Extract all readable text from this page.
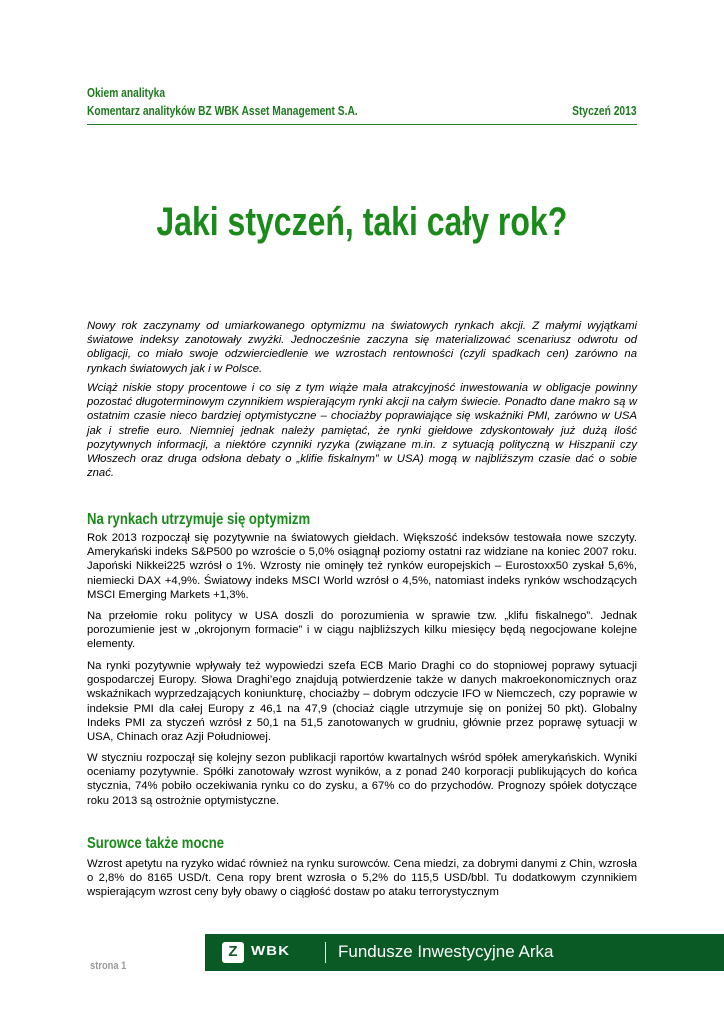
Okiem analityka
Komentarz analityków BZ WBK Asset Management S.A.	Styczeń 2013
Jaki styczeń, taki cały rok?
Nowy rok zaczynamy od umiarkowanego optymizmu na światowych rynkach akcji. Z małymi wyjątkami światowe indeksy zanotowały zwyżki. Jednocześnie zaczyna się materializować scenariusz odwrotu od obligacji, co miało swoje odzwierciedlenie we wzrostach rentowności (czyli spadkach cen) zarówno na rynkach światowych jak i w Polsce.
Wciąż niskie stopy procentowe i co się z tym wiąże mała atrakcyjność inwestowania w obligacje powinny pozostać długoterminowym czynnikiem wspierającym rynki akcji na całym świecie. Ponadto dane makro są w ostatnim czasie nieco bardziej optymistyczne – chociażby poprawiające się wskaźniki PMI, zarówno w USA jak i strefie euro. Niemniej jednak należy pamiętać, że rynki giełdowe zdyskontowały już dużą ilość pozytywnych informacji, a niektóre czynniki ryzyka (związane m.in. z sytuacją polityczną w Hiszpanii czy Włoszech oraz druga odsłona debaty o „klifie fiskalnym” w USA) mogą w najbliższym czasie dać o sobie znać.
Na rynkach utrzymuje się optymizm
Rok 2013 rozpoczął się pozytywnie na światowych giełdach. Większość indeksów testowała nowe szczyty. Amerykański indeks S&P500 po wzroście o 5,0% osiągnął poziomy ostatni raz widziane na koniec 2007 roku. Japoński Nikkei225 wzrósł o 1%. Wzrosty nie ominęły też rynków europejskich – Eurostoxx50 zyskał 5,6%, niemiecki DAX +4,9%. Światowy indeks MSCI World wzrósł o 4,5%, natomiast indeks rynków wschodzących MSCI Emerging Markets +1,3%.
Na przełomie roku politycy w USA doszli do porozumienia w sprawie tzw. „klifu fiskalnego”. Jednak porozumienie jest w „okrojonym formacie” i w ciągu najbliższych kilku miesięcy będą negocjowane kolejne elementy.
Na rynki pozytywnie wpływały też wypowiedzi szefa ECB Mario Draghi co do stopniowej poprawy sytuacji gospodarczej Europy. Słowa Draghi’ego znajdują potwierdzenie także w danych makroekonomicznych oraz wskaźnikach wyprzedzających koniunkturę, chociażby – dobrym odczycie IFO w Niemczech, czy poprawie w indeksie PMI dla całej Europy z 46,1 na 47,9 (chociaż ciągle utrzymuje się on poniżej 50 pkt). Globalny Indeks PMI za styczeń wzrósł z 50,1 na 51,5 zanotowanych w grudniu, głównie przez poprawę sytuacji w USA, Chinach oraz Azji Południowej.
W styczniu rozpoczął się kolejny sezon publikacji raportów kwartalnych wśród spółek amerykańskich. Wyniki oceniamy pozytywnie. Spółki zanotowały wzrost wyników, a z ponad 240 korporacji publikujących do końca stycznia, 74% pobiło oczekiwania rynku co do zysku, a 67% co do przychodów. Prognozy spółek dotyczące roku 2013 są ostrożnie optymistyczne.
Surowce także mocne
Wzrost apetytu na ryzyko widać również na rynku surowców. Cena miedzi, za dobrymi danymi z Chin, wzrosła o 2,8% do 8165 USD/t. Cena ropy brent wzrosła o 5,2% do 115,5 USD/bbl. Tu dodatkowym czynnikiem wspierającym wzrost ceny były obawy o ciągłość dostaw po ataku terrorystycznym
Z	WBK	Fundusze Inwestycyjne Arka
strona 1
